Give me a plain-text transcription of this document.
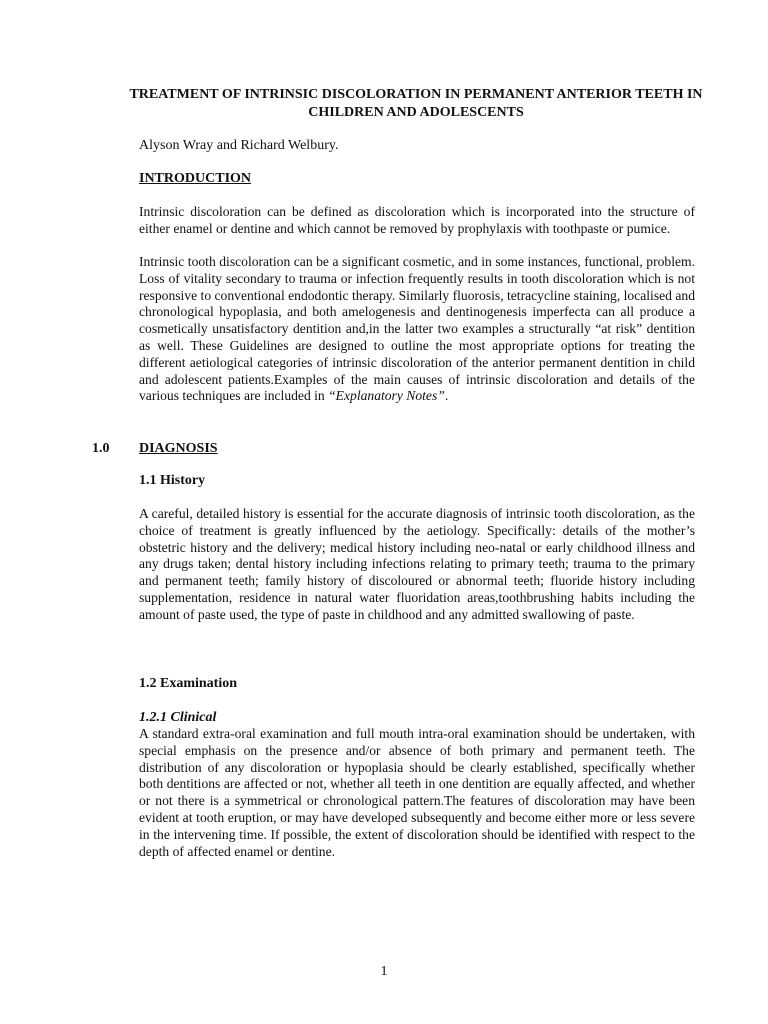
TREATMENT OF INTRINSIC DISCOLORATION IN PERMANENT ANTERIOR TEETH IN CHILDREN AND ADOLESCENTS
Alyson Wray and Richard Welbury.
INTRODUCTION
Intrinsic discoloration can be defined as discoloration which is incorporated into the structure of either enamel or dentine and which cannot be removed by prophylaxis with toothpaste or pumice.
Intrinsic tooth discoloration can be a significant cosmetic, and in some instances, functional, problem. Loss of vitality secondary to trauma or infection frequently results in tooth discoloration which is not responsive to conventional endodontic therapy. Similarly fluorosis, tetracycline staining, localised and chronological hypoplasia, and both amelogenesis and dentinogenesis imperfecta can all produce a cosmetically unsatisfactory dentition and,in the latter two examples a structurally “at risk” dentition as well. These Guidelines are designed to outline the most appropriate options for treating the different aetiological categories of intrinsic discoloration of the anterior permanent dentition in child and adolescent patients.Examples of the main causes of intrinsic discoloration and details of the various techniques are included in “Explanatory Notes”.
1.0 DIAGNOSIS
1.1 History
A careful, detailed history is essential for the accurate diagnosis of intrinsic tooth discoloration, as the choice of treatment is greatly influenced by the aetiology. Specifically: details of the mother’s obstetric history and the delivery; medical history including neo-natal or early childhood illness and any drugs taken; dental history including infections relating to primary teeth; trauma to the primary and permanent teeth; family history of discoloured or abnormal teeth; fluoride history including supplementation, residence in natural water fluoridation areas,toothbrushing habits including the amount of paste used, the type of paste in childhood and any admitted swallowing of paste.
1.2 Examination
1.2.1 Clinical
A standard extra-oral examination and full mouth intra-oral examination should be undertaken, with special emphasis on the presence and/or absence of both primary and permanent teeth. The distribution of any discoloration or hypoplasia should be clearly established, specifically whether both dentitions are affected or not, whether all teeth in one dentition are equally affected, and whether or not there is a symmetrical or chronological pattern.The features of discoloration may have been evident at tooth eruption, or may have developed subsequently and become either more or less severe in the intervening time. If possible, the extent of discoloration should be identified with respect to the depth of affected enamel or dentine.
1
